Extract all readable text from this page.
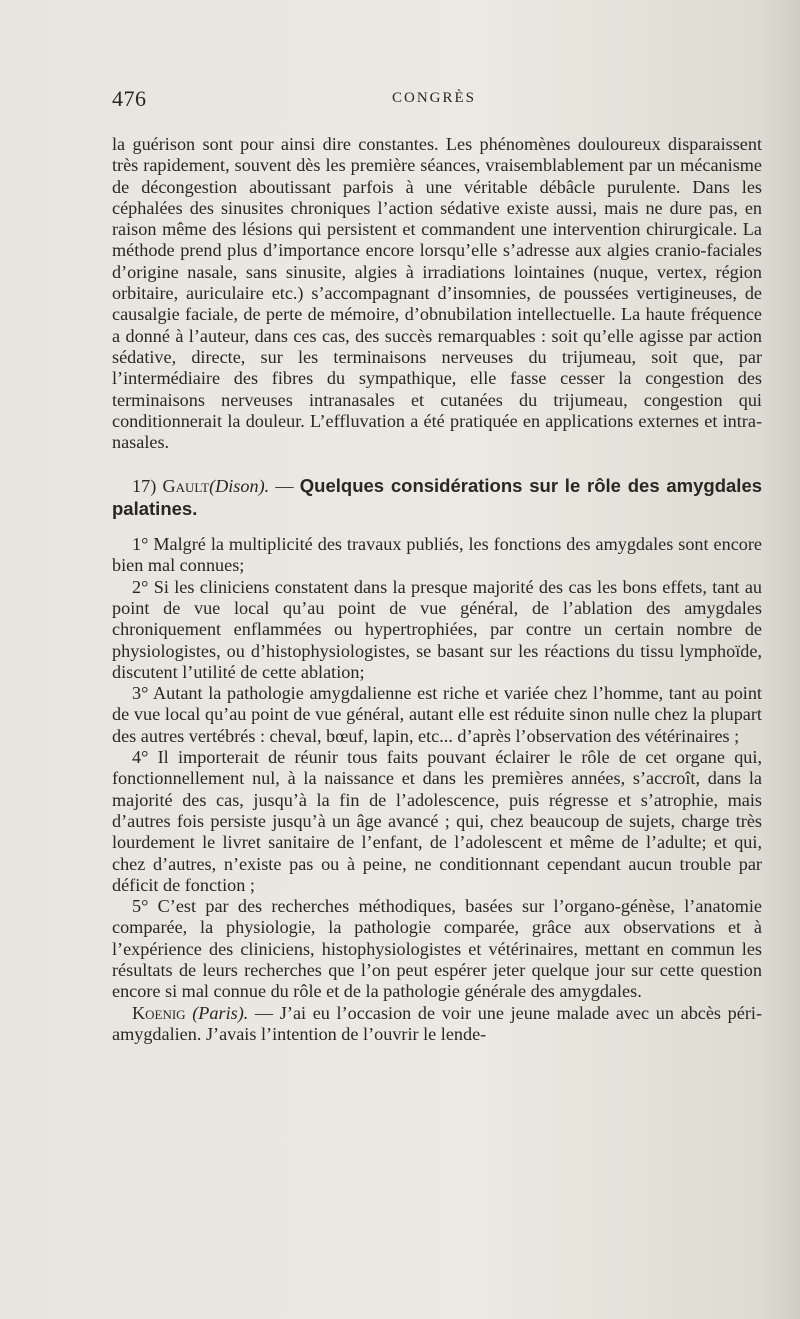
476	CONGRÈS

la guérison sont pour ainsi dire constantes. Les phénomènes douloureux disparaissent très rapidement, souvent dès les première séances, vraisemblablement par un mécanisme de décongestion aboutissant parfois à une véritable débâcle purulente. Dans les céphalées des sinusites chroniques l’action sédative existe aussi, mais ne dure pas, en raison même des lésions qui persistent et commandent une intervention chirurgicale. La méthode prend plus d’importance encore lorsqu’elle s’adresse aux algies cranio-faciales d’origine nasale, sans sinusite, algies à irradiations lointaines (nuque, vertex, région orbitaire, auriculaire etc.) s’accompagnant d’insomnies, de poussées vertigineuses, de causalgie faciale, de perte de mémoire, d’obnubilation intellectuelle. La haute fréquence a donné à l’auteur, dans ces cas, des succès remarquables : soit qu’elle agisse par action sédative, directe, sur les terminaisons nerveuses du trijumeau, soit que, par l’intermédiaire des fibres du sympathique, elle fasse cesser la congestion des terminaisons nerveuses intranasales et cutanées du trijumeau, congestion qui conditionnerait la douleur. L’effluvation a été pratiquée en applications externes et intra-nasales.

17) Gault(Dison). — Quelques considérations sur le rôle des amygdales palatines.

1° Malgré la multiplicité des travaux publiés, les fonctions des amygdales sont encore bien mal connues;

2° Si les cliniciens constatent dans la presque majorité des cas les bons effets, tant au point de vue local qu’au point de vue général, de l’ablation des amygdales chroniquement enflammées ou hypertrophiées, par contre un certain nombre de physiologistes, ou d’histophysiologistes, se basant sur les réactions du tissu lymphoïde, discutent l’utilité de cette ablation;

3° Autant la pathologie amygdalienne est riche et variée chez l’homme, tant au point de vue local qu’au point de vue général, autant elle est réduite sinon nulle chez la plupart des autres vertébrés : cheval, bœuf, lapin, etc... d’après l’observation des vétérinaires ;

4° Il importerait de réunir tous faits pouvant éclairer le rôle de cet organe qui, fonctionnellement nul, à la naissance et dans les premières années, s’accroît, dans la majorité des cas, jusqu’à la fin de l’adolescence, puis régresse et s’atrophie, mais d’autres fois persiste jusqu’à un âge avancé ; qui, chez beaucoup de sujets, charge très lourdement le livret sanitaire de l’enfant, de l’adolescent et même de l’adulte; et qui, chez d’autres, n’existe pas ou à peine, ne conditionnant cependant aucun trouble par déficit de fonction ;

5° C’est par des recherches méthodiques, basées sur l’organo-génèse, l’anatomie comparée, la physiologie, la pathologie comparée, grâce aux observations et à l’expérience des cliniciens, histophysiologistes et vétérinaires, mettant en commun les résultats de leurs recherches que l’on peut espérer jeter quelque jour sur cette question encore si mal connue du rôle et de la pathologie générale des amygdales.

Koenig (Paris). — J’ai eu l’occasion de voir une jeune malade avec un abcès péri-amygdalien. J’avais l’intention de l’ouvrir le lende-
